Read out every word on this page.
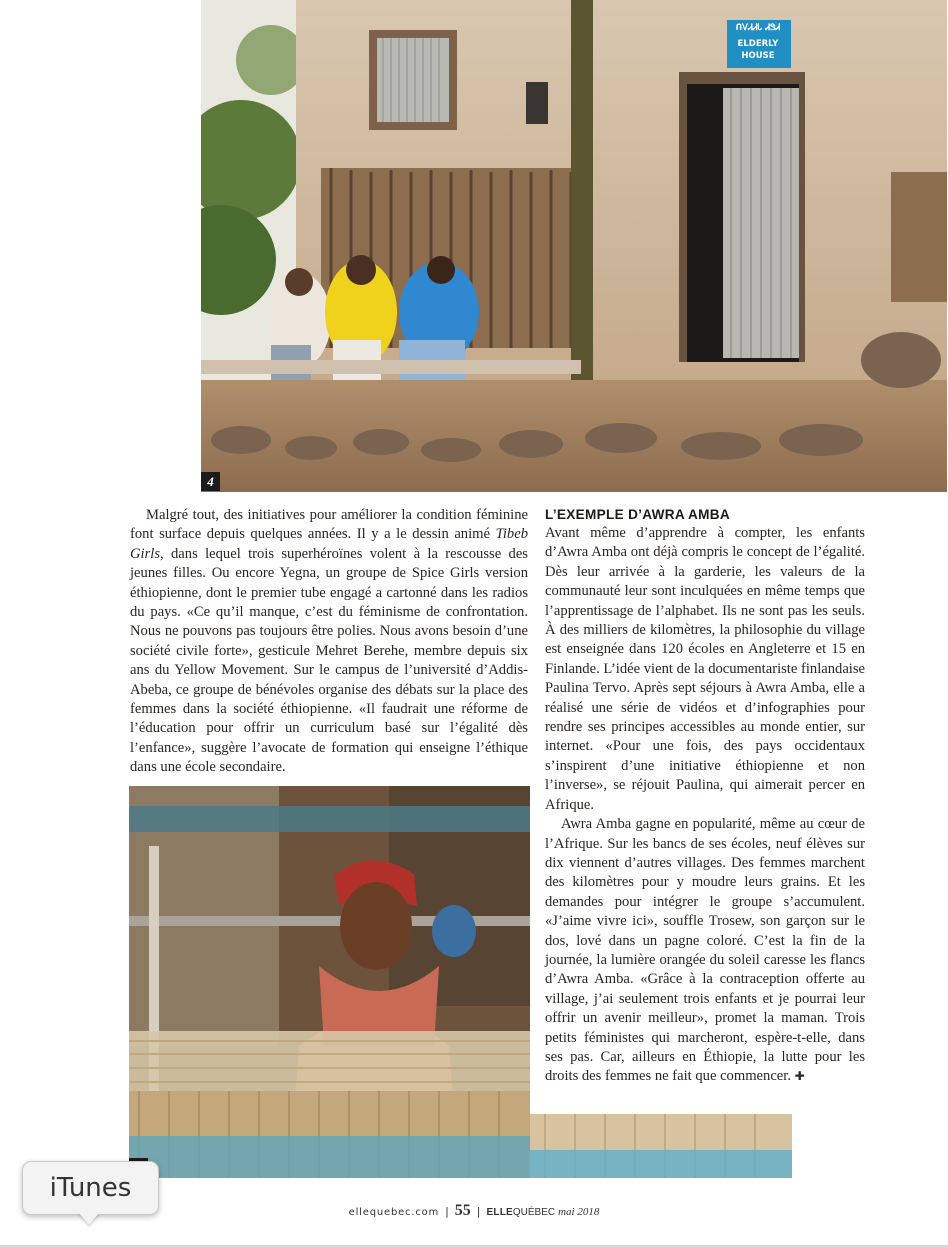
ՈᏙᏗᏗᏓ ᏗᏕᏗ
ELDERLY HOUSE
4

Malgré tout, des initiatives pour améliorer la condition féminine font surface depuis quelques années. Il y a le dessin animé Tibeb Girls, dans lequel trois superhéroïnes volent à la rescousse des jeunes filles. Ou encore Yegna, un groupe de Spice Girls version éthiopienne, dont le premier tube engagé a cartonné dans les radios du pays. «Ce qu’il manque, c’est du féminisme de confrontation. Nous ne pouvons pas toujours être polies. Nous avons besoin d’une société civile forte», gesticule Mehret Berehe, membre depuis six ans du Yellow Movement. Sur le campus de l’université d’Addis-Abeba, ce groupe de bénévoles organise des débats sur la place des femmes dans la société éthiopienne. «Il faudrait une réforme de l’éducation pour offrir un curriculum basé sur l’égalité dès l’enfance», suggère l’avocate de formation qui enseigne l’éthique dans une école secondaire.

L’EXEMPLE D’AWRA AMBA

Avant même d’apprendre à compter, les enfants d’Awra Amba ont déjà compris le concept de l’égalité. Dès leur arrivée à la garderie, les valeurs de la communauté leur sont inculquées en même temps que l’apprentissage de l’alphabet. Ils ne sont pas les seuls. À des milliers de kilomètres, la philosophie du village est enseignée dans 120 écoles en Angleterre et 15 en Finlande. L’idée vient de la documentariste finlandaise Paulina Tervo. Après sept séjours à Awra Amba, elle a réalisé une série de vidéos et d’infographies pour rendre ses principes accessibles au monde entier, sur internet. «Pour une fois, des pays occidentaux s’inspirent d’une initiative éthiopienne et non l’inverse», se réjouit Paulina, qui aimerait percer en Afrique.

Awra Amba gagne en popularité, même au cœur de l’Afrique. Sur les bancs de ses écoles, neuf élèves sur dix viennent d’autres villages. Des femmes marchent des kilomètres pour y moudre leurs grains. Et les demandes pour intégrer le groupe s’accumulent. «J’aime vivre ici», souffle Trosew, son garçon sur le dos, lové dans un pagne coloré. C’est la fin de la journée, la lumière orangée du soleil caresse les flancs d’Awra Amba. «Grâce à la contraception offerte au village, j’ai seulement trois enfants et je pourrai leur offrir un avenir meilleur», promet la maman. Trois petits féministes qui marcheront, espère-t-elle, dans ses pas. Car, ailleurs en Éthiopie, la lutte pour les droits des femmes ne fait que commencer. ✚

ellequebec.com | 55 | ELLEQUÉBEC mai 2018
iTunes
